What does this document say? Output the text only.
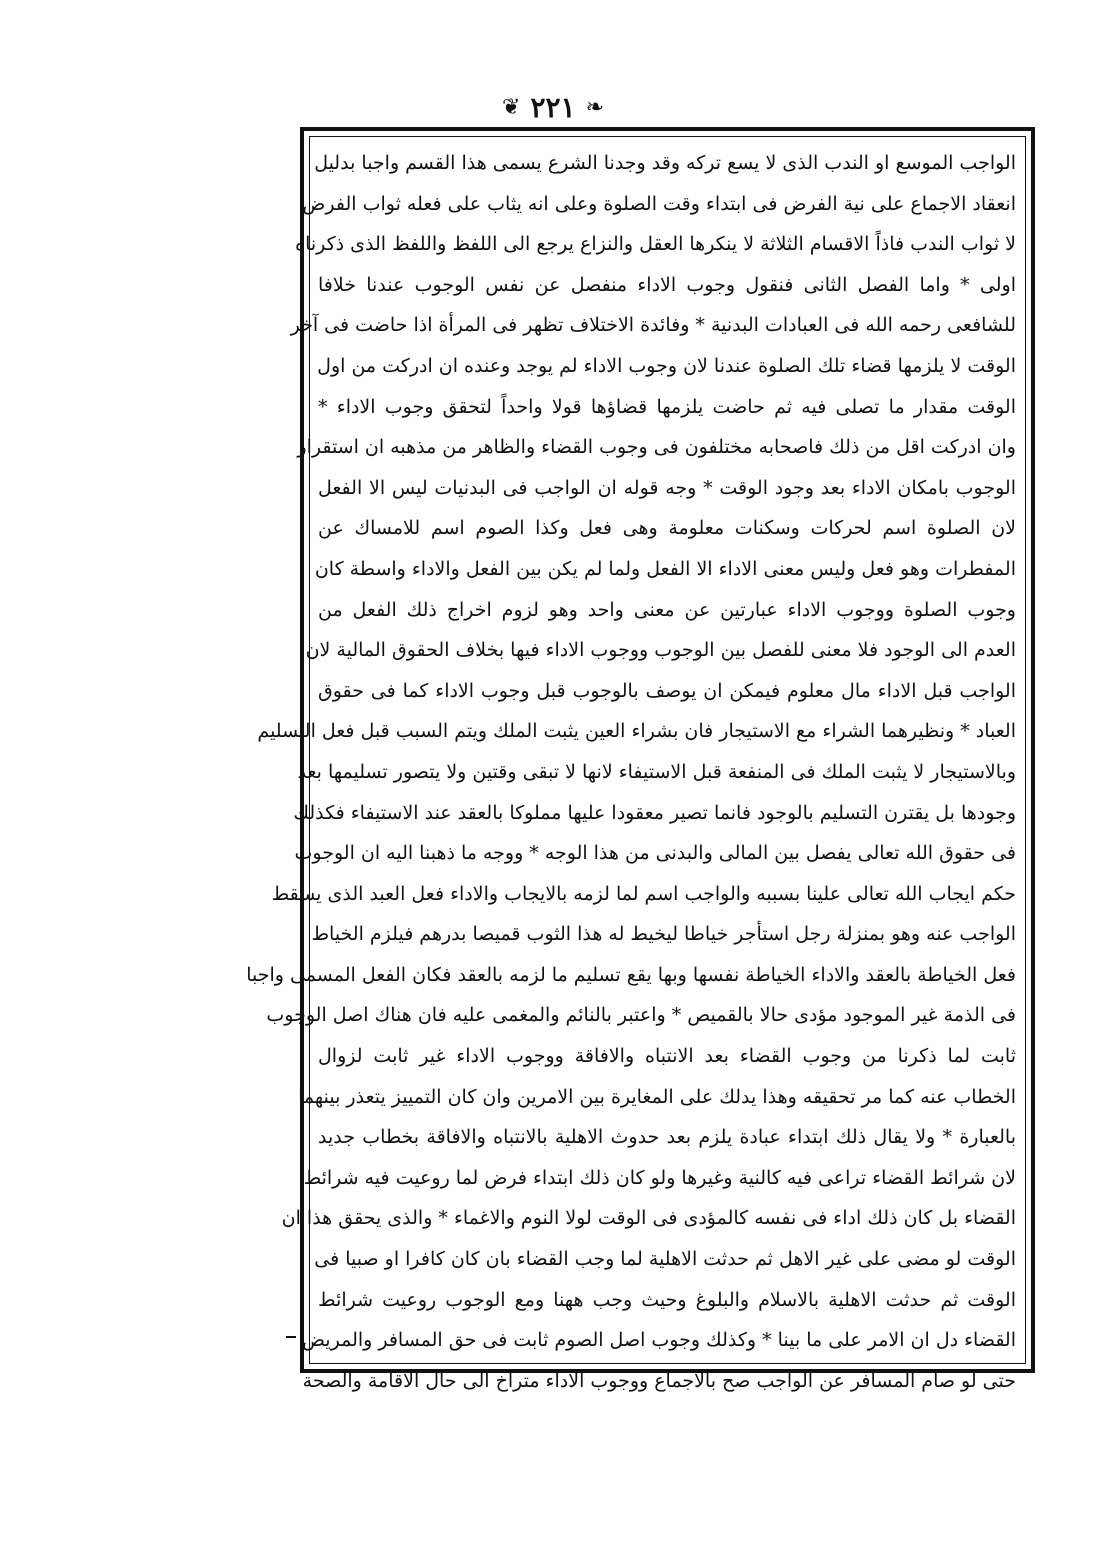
❦ ٢٢١ ❧
الواجب الموسع او الندب الذى لا يسع تركه وقد وجدنا الشرع يسمى هذا القسم واجبا بدليل
انعقاد الاجماع على نية الفرض فى ابتداء وقت الصلوة وعلى انه يثاب على فعله ثواب الفرض
لا ثواب الندب فاذاً الاقسام الثلاثة لا ينكرها العقل والنزاع يرجع الى اللفظ واللفظ الذى ذكرناه
اولى * واما الفصل الثانى فنقول وجوب الاداء منفصل عن نفس الوجوب عندنا خلافا
للشافعى رحمه الله فى العبادات البدنية * وفائدة الاختلاف تظهر فى المرأة اذا حاضت فى آخر
الوقت لا يلزمها قضاء تلك الصلوة عندنا لان وجوب الاداء لم يوجد وعنده ان ادركت من اول
الوقت مقدار ما تصلى فيه ثم حاضت يلزمها قضاؤها قولا واحداً لتحقق وجوب الاداء *
وان ادركت اقل من ذلك فاصحابه مختلفون فى وجوب القضاء والظاهر من مذهبه ان استقرار
الوجوب بامكان الاداء بعد وجود الوقت * وجه قوله ان الواجب فى البدنيات ليس الا الفعل
لان الصلوة اسم لحركات وسكنات معلومة وهى فعل وكذا الصوم اسم للامساك عن
المفطرات وهو فعل وليس معنى الاداء الا الفعل ولما لم يكن بين الفعل والاداء واسطة كان
وجوب الصلوة ووجوب الاداء عبارتين عن معنى واحد وهو لزوم اخراج ذلك الفعل من
العدم الى الوجود فلا معنى للفصل بين الوجوب ووجوب الاداء فيها بخلاف الحقوق المالية لان
الواجب قبل الاداء مال معلوم فيمكن ان يوصف بالوجوب قبل وجوب الاداء كما فى حقوق
العباد * ونظيرهما الشراء مع الاستيجار فان بشراء العين يثبت الملك ويتم السبب قبل فعل التسليم
وبالاستيجار لا يثبت الملك فى المنفعة قبل الاستيفاء لانها لا تبقى وقتين ولا يتصور تسليمها بعد
وجودها بل يقترن التسليم بالوجود فانما تصير معقودا عليها مملوكا بالعقد عند الاستيفاء فكذلك
فى حقوق الله تعالى يفصل بين المالى والبدنى من هذا الوجه * ووجه ما ذهبنا اليه ان الوجوب
حكم ايجاب الله تعالى علينا بسببه والواجب اسم لما لزمه بالايجاب والاداء فعل العبد الذى يسقط
الواجب عنه وهو بمنزلة رجل استأجر خياطا ليخيط له هذا الثوب قميصا بدرهم فيلزم الخياط
فعل الخياطة بالعقد والاداء الخياطة نفسها وبها يقع تسليم ما لزمه بالعقد فكان الفعل المسمى واجبا
فى الذمة غير الموجود مؤدى حالا بالقميص * واعتبر بالنائم والمغمى عليه فان هناك اصل الوجوب
ثابت لما ذكرنا من وجوب القضاء بعد الانتباه والافاقة ووجوب الاداء غير ثابت لزوال
الخطاب عنه كما مر تحقيقه وهذا يدلك على المغايرة بين الامرين وان كان التمييز يتعذر بينهما
بالعبارة * ولا يقال ذلك ابتداء عبادة يلزم بعد حدوث الاهلية بالانتباه والافاقة بخطاب جديد
لان شرائط القضاء تراعى فيه كالنية وغيرها ولو كان ذلك ابتداء فرض لما روعيت فيه شرائط
القضاء بل كان ذلك اداء فى نفسه كالمؤدى فى الوقت لولا النوم والاغماء * والذى يحقق هذا ان
الوقت لو مضى على غير الاهل ثم حدثت الاهلية لما وجب القضاء بان كان كافرا او صبيا فى
الوقت ثم حدثت الاهلية بالاسلام والبلوغ وحيث وجب ههنا ومع الوجوب روعيت شرائط
القضاء دل ان الامر على ما بينا * وكذلك وجوب اصل الصوم ثابت فى حق المسافر والمريض
حتى لو صام المسافر عن الواجب صح بالاجماع ووجوب الاداء متراخ الى حال الاقامة والصحة
